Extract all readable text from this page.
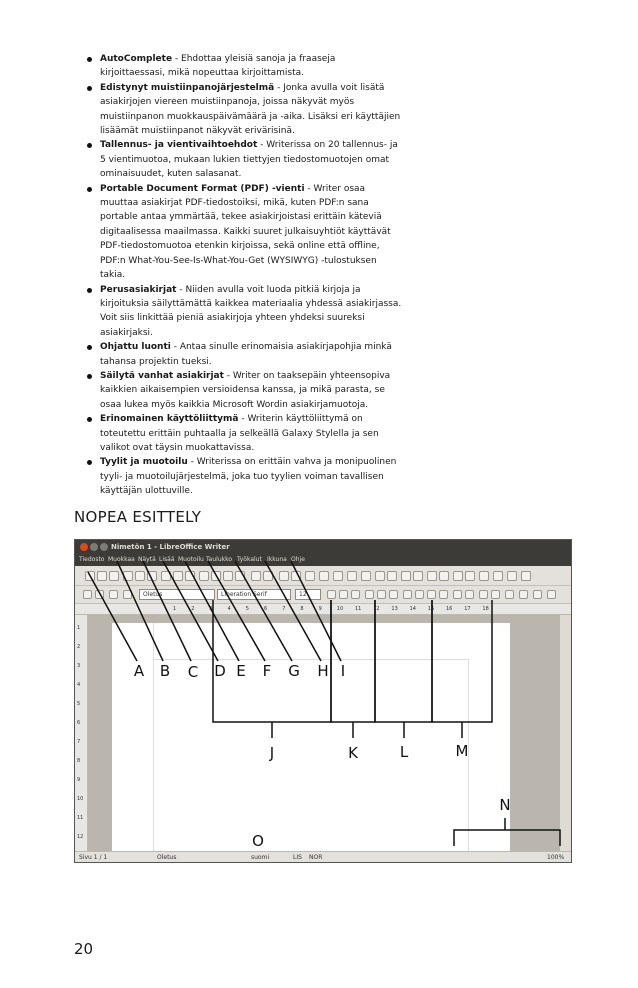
AutoComplete - Ehdottaa yleisiä sanoja ja fraaseja
kirjoittaessasi, mikä nopeuttaa kirjoittamista.
Edistynyt muistiinpanojärjestelmä - Jonka avulla voit lisätä
asiakirjojen viereen muistiinpanoja, joissa näkyvät myös
muistiinpanon muokkauspäivämäärä ja -aika. Lisäksi eri käyttäjien
lisäämät muistiinpanot näkyvät erivärisinä.
Tallennus- ja vientivaihtoehdot - Writerissa on 20 tallennus- ja
5 vientimuotoa, mukaan lukien tiettyjen tiedostomuotojen omat
ominaisuudet, kuten salasanat.
Portable Document Format (PDF) -vienti - Writer osaa
muuttaa asiakirjat PDF-tiedostoiksi, mikä, kuten PDF:n sana
portable antaa ymmärtää, tekee asiakirjoistasi erittäin käteviä
digitaalisessa maailmassa. Kaikki suuret julkaisuyhtiöt käyttävät
PDF-tiedostomuotoa etenkin kirjoissa, sekä online että offline,
PDF:n What-You-See-Is-What-You-Get (WYSIWYG) -tulostuksen
takia.
Perusasiakirjat - Niiden avulla voit luoda pitkiä kirjoja ja
kirjoituksia säilyttämättä kaikkea materiaalia yhdessä asiakirjassa.
Voit siis linkittää pieniä asiakirjoja yhteen yhdeksi suureksi
asiakirjaksi.
Ohjattu luonti - Antaa sinulle erinomaisia asiakirjapohjia minkä
tahansa projektin tueksi.
Säilytä vanhat asiakirjat - Writer on taaksepäin yhteensopiva
kaikkien aikaisempien versioidensa kanssa, ja mikä parasta, se
osaa lukea myös kaikkia Microsoft Wordin asiakirjamuotoja.
Erinomainen käyttöliittymä - Writerin käyttöliittymä on
toteutettu erittäin puhtaalla ja selkeällä Galaxy Stylella ja sen
valikot ovat täysin muokattavissa.
Tyylit ja muotoilu - Writerissa on erittäin vahva ja monipuolinen
tyyli- ja muotoilujärjestelmä, joka tuo tyylien voiman tavallisen
käyttäjän ulottuville.
NOPEA ESITTELY
Nimetön 1 - LibreOffice Writer
Tiedosto Muokkaa Näytä Lisää Muotoilu Taulukko Työkalut Ikkuna Ohje
Oletus	Liberation Serif	12
1	2	3	4	5	6	7	8	9	10 11 12 13 14 15 16 17 18
1
2
3
4
5
6
7
8
9
10
11
12
Sivu 1 / 1	Oletus	suomi	LIS NOR	100%
A B C D E F G H I
J	K	L	M
N
O
20
